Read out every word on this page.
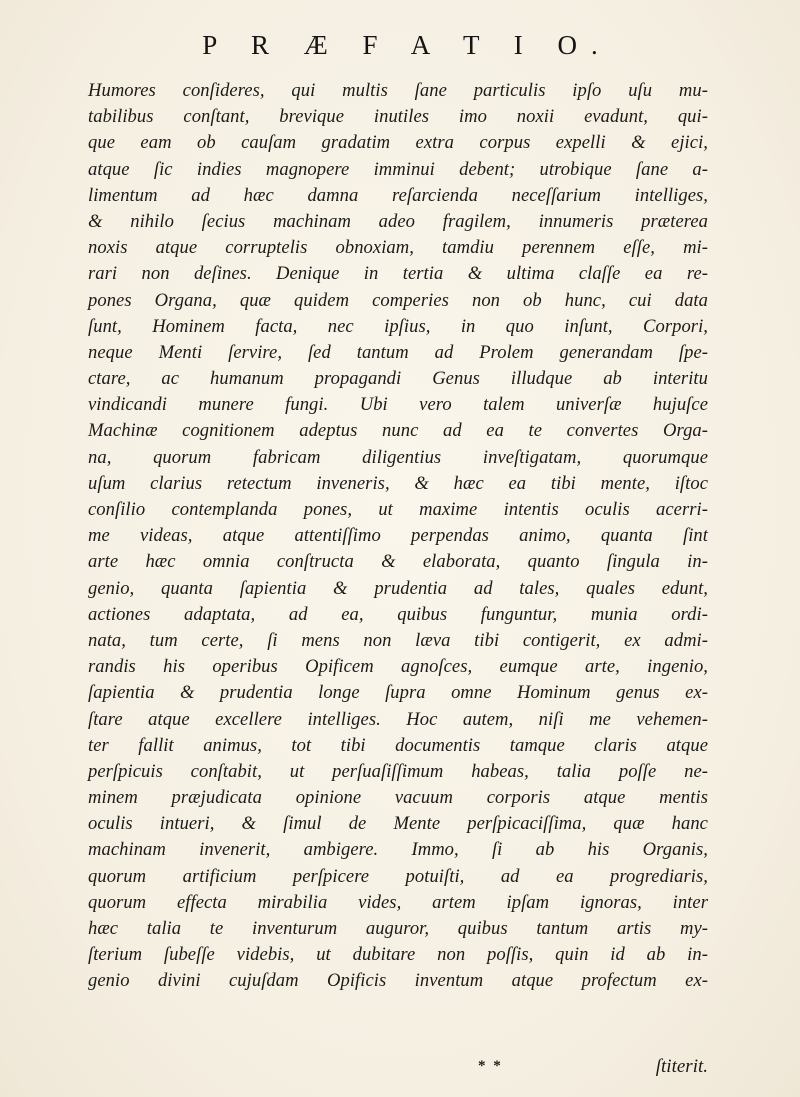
P R Æ F A T I O.
Humores conſideres, qui multis ſane particulis ipſo uſu mu-
tabilibus conſtant, brevique inutiles imo noxii evadunt, qui-
que eam ob cauſam gradatim extra corpus expelli & ejici,
atque ſic indies magnopere imminui debent; utrobique ſane a-
limentum ad hæc damna reſarcienda neceſſarium intelliges,
& nihilo ſecius machinam adeo fragilem, innumeris præterea
noxis atque corruptelis obnoxiam, tamdiu perennem eſſe, mi-
rari non deſines. Denique in tertia & ultima claſſe ea re-
pones Organa, quæ quidem comperies non ob hunc, cui data
ſunt, Hominem facta, nec ipſius, in quo inſunt, Corpori,
neque Menti ſervire, ſed tantum ad Prolem generandam ſpe-
ctare, ac humanum propagandi Genus illudque ab interitu
vindicandi munere fungi. Ubi vero talem univerſæ hujuſce
Machinæ cognitionem adeptus nunc ad ea te convertes Orga-
na, quorum fabricam diligentius inveſtigatam, quorumque
uſum clarius retectum inveneris, & hæc ea tibi mente, iſtoc
conſilio contemplanda pones, ut maxime intentis oculis acerri-
me videas, atque attentiſſimo perpendas animo, quanta ſint
arte hæc omnia conſtructa & elaborata, quanto ſingula in-
genio, quanta ſapientia & prudentia ad tales, quales edunt,
actiones adaptata, ad ea, quibus funguntur, munia ordi-
nata, tum certe, ſi mens non læva tibi contigerit, ex admi-
randis his operibus Opificem agnoſces, eumque arte, ingenio,
ſapientia & prudentia longe ſupra omne Hominum genus ex-
ſtare atque excellere intelliges. Hoc autem, niſi me vehemen-
ter fallit animus, tot tibi documentis tamque claris atque
perſpicuis conſtabit, ut perſuaſiſſimum habeas, talia poſſe ne-
minem præjudicata opinione vacuum corporis atque mentis
oculis intueri, & ſimul de Mente perſpicaciſſima, quæ hanc
machinam invenerit, ambigere. Immo, ſi ab his Organis,
quorum artificium perſpicere potuiſti, ad ea progrediaris,
quorum effecta mirabilia vides, artem ipſam ignoras, inter
hæc talia te inventurum auguror, quibus tantum artis my-
ſterium ſubeſſe videbis, ut dubitare non poſſis, quin id ab in-
genio divini cujuſdam Opificis inventum atque profectum ex-
* *	ſtiterit.
